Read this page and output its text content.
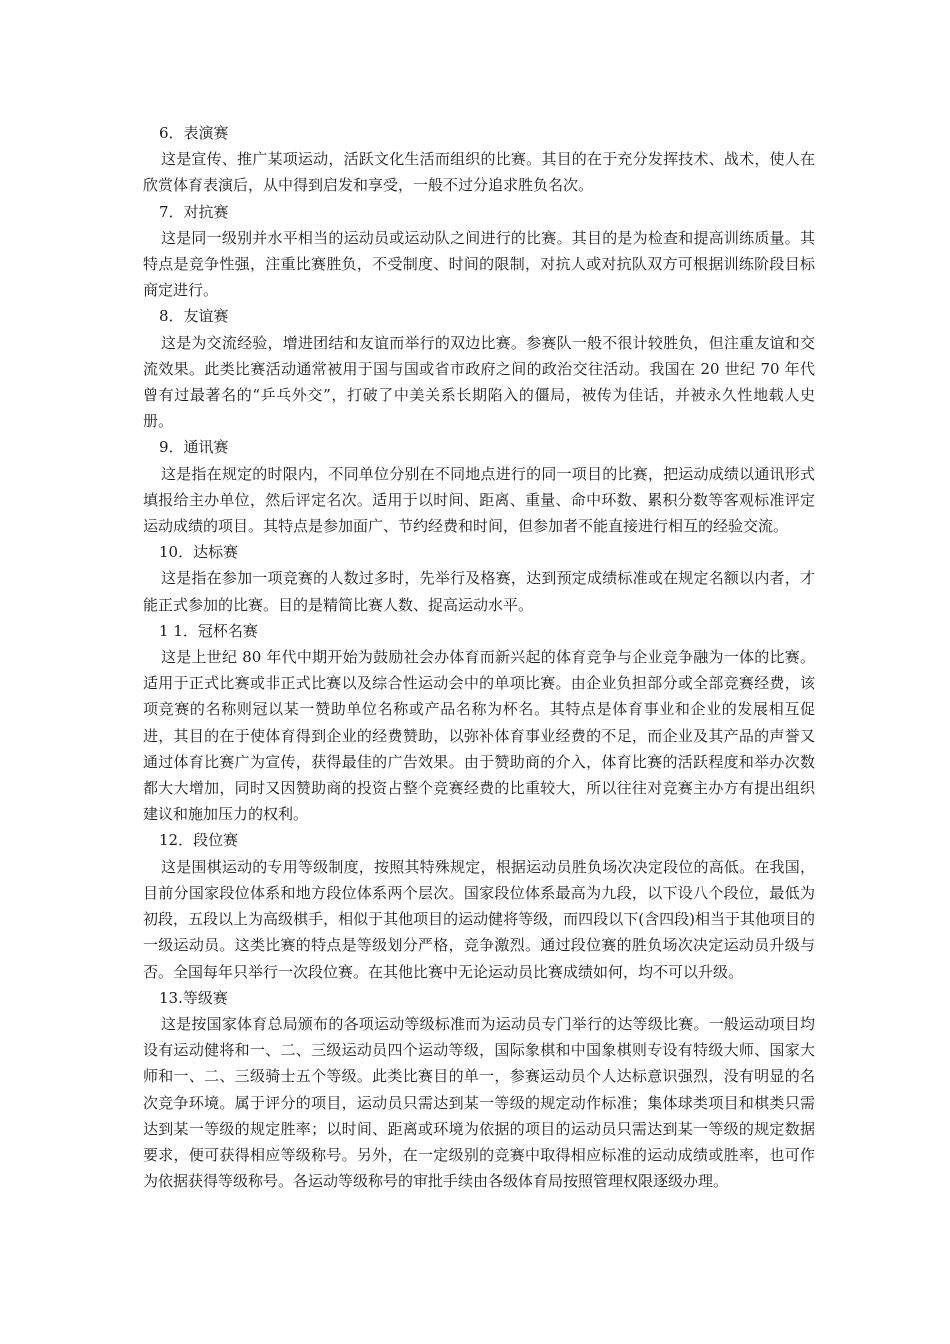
6．表演赛

这是宣传、推广某项运动，活跃文化生活而组织的比赛。其目的在于充分发挥技术、战术，使人在欣赏体育表演后，从中得到启发和享受，一般不过分追求胜负名次。

7．对抗赛

这是同一级别并水平相当的运动员或运动队之间进行的比赛。其目的是为检查和提高训练质量。其特点是竞争性强，注重比赛胜负，不受制度、时间的限制，对抗人或对抗队双方可根据训练阶段目标商定进行。

8．友谊赛

这是为交流经验，增进团结和友谊而举行的双边比赛。参赛队一般不很计较胜负，但注重友谊和交流效果。此类比赛活动通常被用于国与国或省市政府之间的政治交往活动。我国在 20 世纪 70 年代曾有过最著名的“乒乓外交”，打破了中美关系长期陷入的僵局，被传为佳话，并被永久性地载人史册。

9．通讯赛

这是指在规定的时限内，不同单位分别在不同地点进行的同一项目的比赛，把运动成绩以通讯形式填报给主办单位，然后评定名次。适用于以时间、距离、重量、命中环数、累积分数等客观标准评定运动成绩的项目。其特点是参加面广、节约经费和时间，但参加者不能直接进行相互的经验交流。

10．达标赛

这是指在参加一项竞赛的人数过多时，先举行及格赛，达到预定成绩标准或在规定名额以内者，才能正式参加的比赛。目的是精简比赛人数、捉高运动水平。

1 1．冠杯名赛

这是上世纪 80 年代中期开始为鼓励社会办体育而新兴起的体育竞争与企业竞争融为一体的比赛。适用于正式比赛或非正式比赛以及综合性运动会中的单项比赛。由企业负担部分或全部竞赛经费，该项竞赛的名称则冠以某一赞助单位名称或产品名称为杯名。其特点是体育事业和企业的发展相互促进，其目的在于使体育得到企业的经费赞助，以弥补体育事业经费的不足，而企业及其产品的声誉又通过体育比赛广为宣传，获得最佳的广告效果。由于赞助商的介入，体育比赛的活跃程度和举办次数都大大增加，同时又因赞助商的投资占整个竞赛经费的比重较大，所以往往对竞赛主办方有提出组织建议和施加压力的权利。

12．段位赛

这是围棋运动的专用等级制度，按照其特殊规定，根据运动员胜负场次决定段位的高低。在我国，目前分国家段位体系和地方段位体系两个层次。国家段位体系最高为九段，以下设八个段位，最低为初段，五段以上为高级棋手，相似于其他项目的运动健将等级，而四段以下(含四段)相当于其他项目的一级运动员。这类比赛的特点是等级划分严格，竞争激烈。通过段位赛的胜负场次决定运动员升级与否。全国每年只举行一次段位赛。在其他比赛中无论运动员比赛成绩如何，均不可以升级。

13.等级赛

这是按国家体育总局颁布的各项运动等级标准而为运动员专门举行的达等级比赛。一般运动项目均设有运动健将和一、二、三级运动员四个运动等级，国际象棋和中国象棋则专设有特级大师、国家大师和一、二、三级骑士五个等级。此类比赛目的单一，参赛运动员个人达标意识强烈，没有明显的名次竞争环境。属于评分的项目，运动员只需达到某一等级的规定动作标准；集体球类项目和棋类只需达到某一等级的规定胜率；以时间、距离或环境为依据的项目的运动员只需达到某一等级的规定数据要求，便可获得相应等级称号。另外，在一定级别的竞赛中取得相应标准的运动成绩或胜率，也可作为依据获得等级称号。各运动等级称号的审批手续由各级体育局按照管理权限逐级办理。
